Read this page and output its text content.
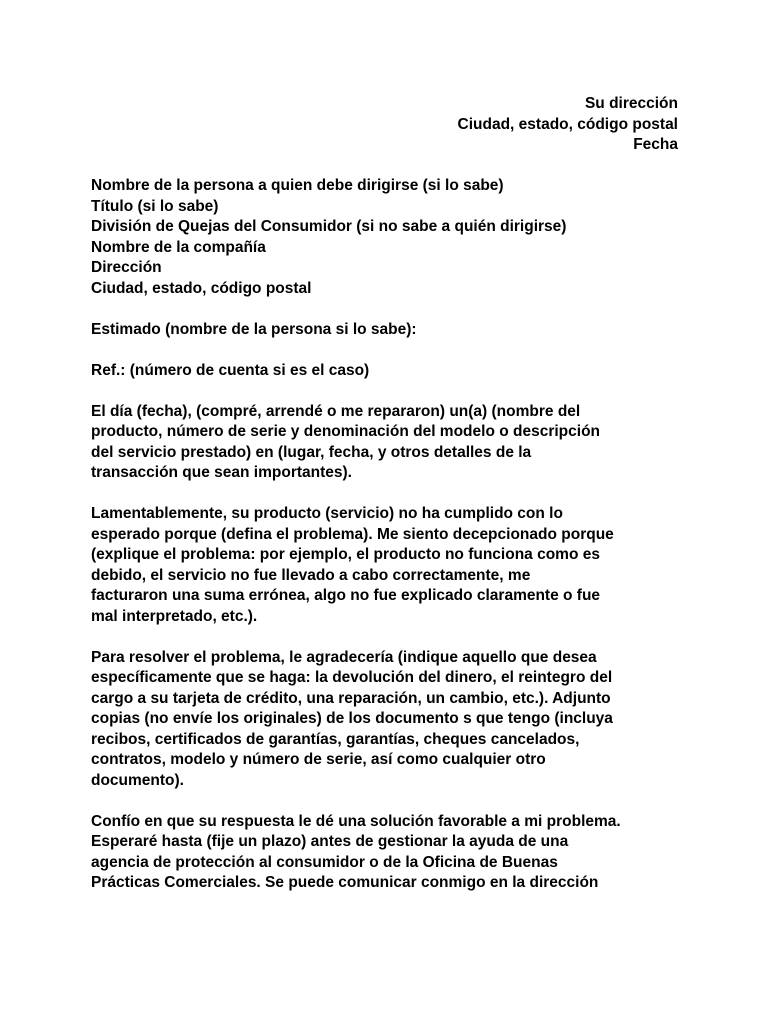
Su dirección
Ciudad, estado, código postal
Fecha
Nombre de la persona a quien debe dirigirse (si lo sabe)
Título (si lo sabe)
División de Quejas del Consumidor (si no sabe a quién dirigirse)
Nombre de la compañía
Dirección
Ciudad, estado, código postal
Estimado (nombre de la persona si lo sabe):
Ref.: (número de cuenta si es el caso)
El día (fecha), (compré, arrendé o me repararon) un(a) (nombre del
producto, número de serie y denominación del modelo o descripción
del servicio prestado) en (lugar, fecha, y otros detalles de la
transacción que sean importantes).
Lamentablemente, su producto (servicio) no ha cumplido con lo
esperado porque (defina el problema). Me siento decepcionado porque
(explique el problema: por ejemplo, el producto no funciona como es
debido, el servicio no fue llevado a cabo correctamente, me
facturaron una suma errónea, algo no fue explicado claramente o fue
mal interpretado, etc.).
Para resolver el problema, le agradecería (indique aquello que desea
específicamente que se haga: la devolución del dinero, el reintegro del
cargo a su tarjeta de crédito, una reparación, un cambio, etc.). Adjunto
copias (no envíe los originales) de los documento s que tengo (incluya
recibos, certificados de garantías, garantías, cheques cancelados,
contratos, modelo y número de serie, así como cualquier otro
documento).
Confío en que su respuesta le dé una solución favorable a mi problema.
Esperaré hasta (fije un plazo) antes de gestionar la ayuda de una
agencia de protección al consumidor o de la Oficina de Buenas
Prácticas Comerciales. Se puede comunicar conmigo en la dirección
